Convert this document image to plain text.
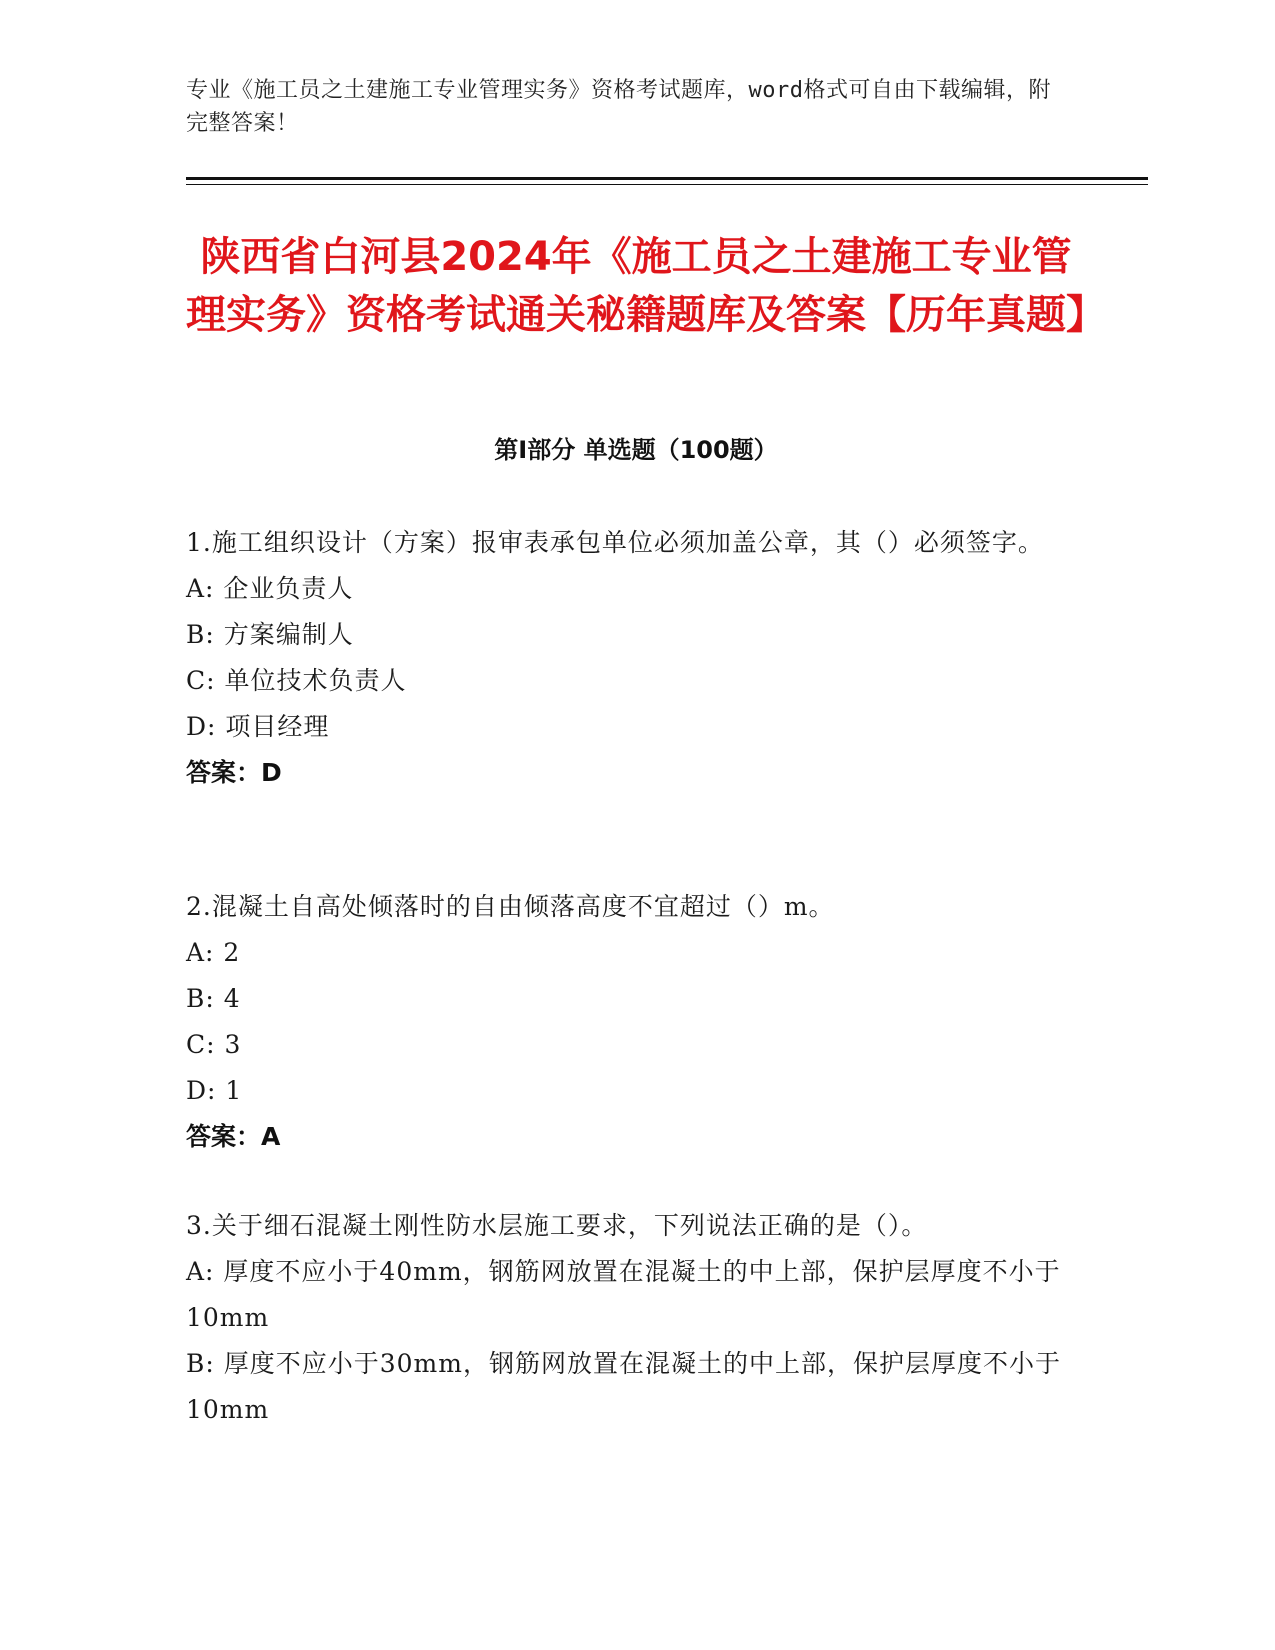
专业《施工员之土建施工专业管理实务》资格考试题库，word格式可自由下载编辑，附完整答案！
陕西省白河县2024年《施工员之土建施工专业管理实务》资格考试通关秘籍题库及答案【历年真题】
第I部分 单选题（100题）
1.施工组织设计（方案）报审表承包单位必须加盖公章，其（）必须签字。
A: 企业负责人
B: 方案编制人
C: 单位技术负责人
D: 项目经理
答案：D
2.混凝土自高处倾落时的自由倾落高度不宜超过（）m。
A: 2
B: 4
C: 3
D: 1
答案：A
3.关于细石混凝土刚性防水层施工要求，下列说法正确的是（）。
A: 厚度不应小于40mm，钢筋网放置在混凝土的中上部，保护层厚度不小于10mm
B: 厚度不应小于30mm，钢筋网放置在混凝土的中上部，保护层厚度不小于10mm
